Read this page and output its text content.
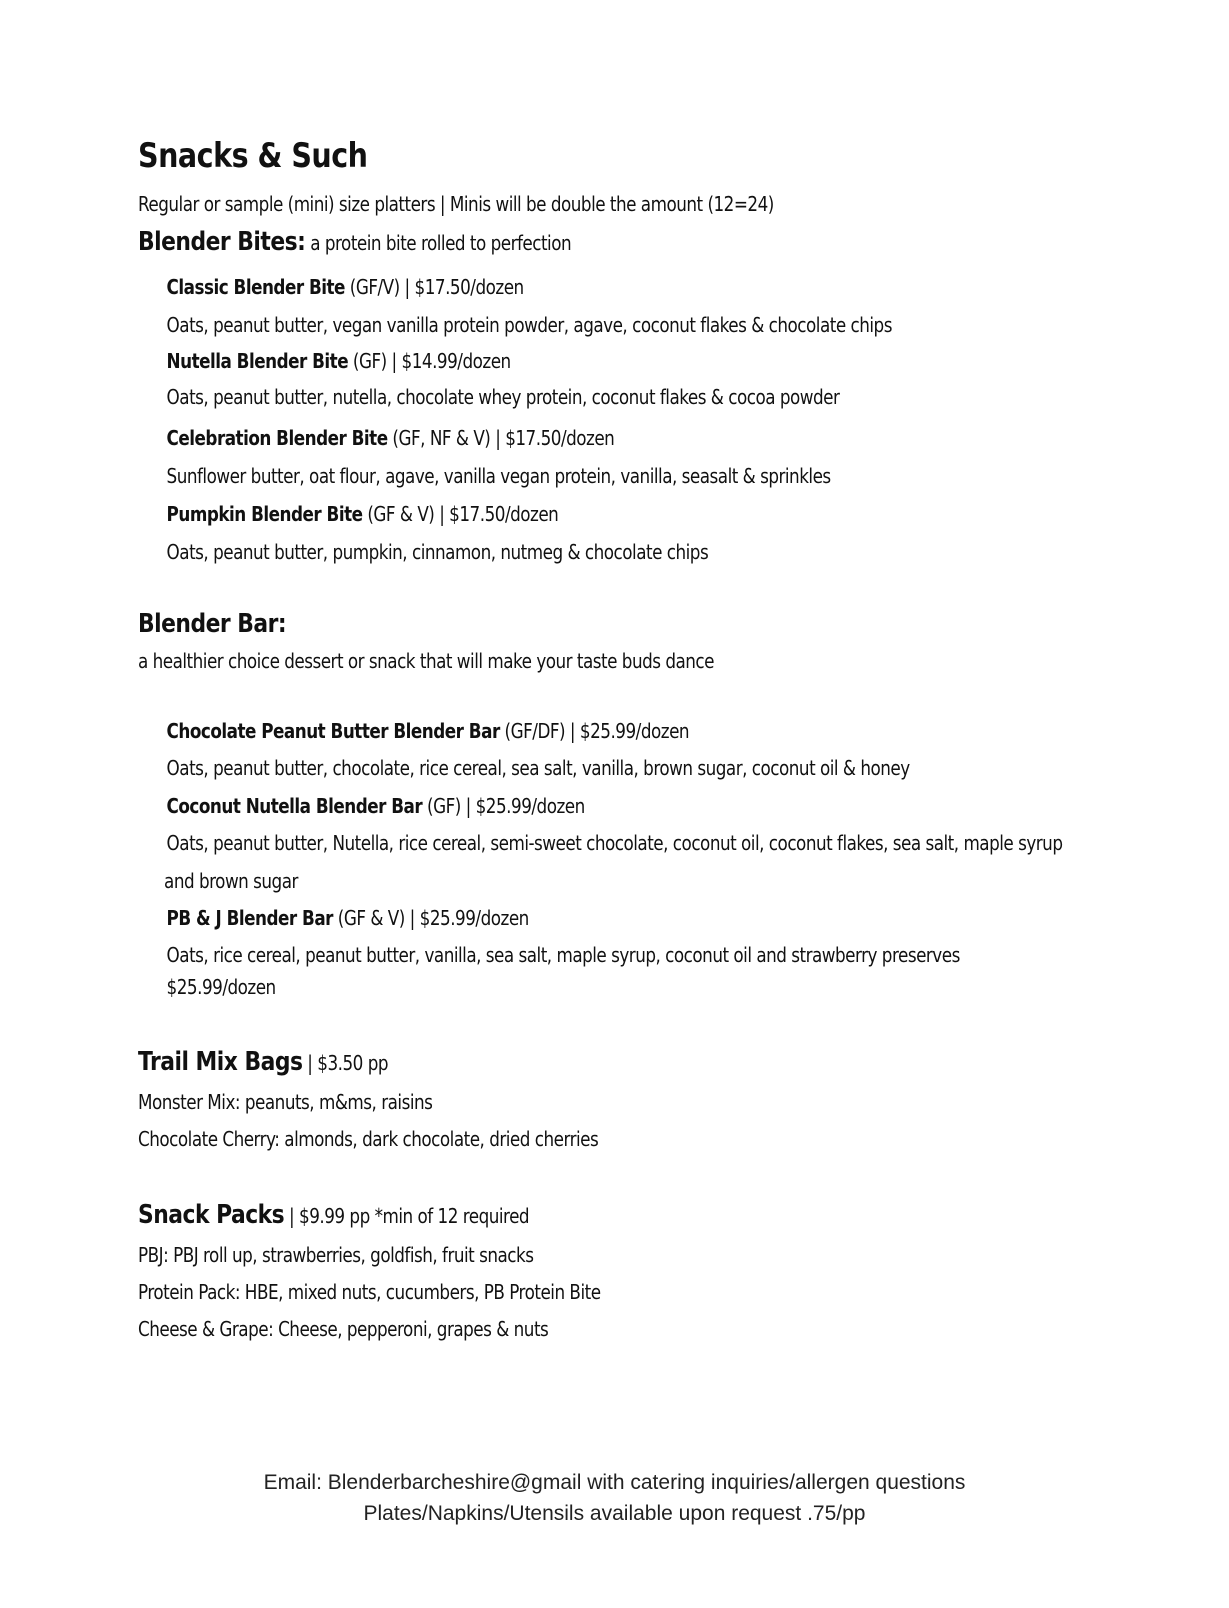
Snacks & Such
Regular or sample (mini) size platters | Minis will be double the amount (12=24)
Blender Bites: a protein bite rolled to perfection
Classic Blender Bite (GF/V) | $17.50/dozen
Oats, peanut butter, vegan vanilla protein powder, agave, coconut flakes & chocolate chips
Nutella Blender Bite (GF) | $14.99/dozen
Oats, peanut butter, nutella, chocolate whey protein, coconut flakes & cocoa powder
Celebration Blender Bite (GF, NF & V) | $17.50/dozen
Sunflower butter, oat flour, agave, vanilla vegan protein, vanilla, seasalt & sprinkles
Pumpkin Blender Bite (GF & V) | $17.50/dozen
Oats, peanut butter, pumpkin, cinnamon, nutmeg & chocolate chips
Blender Bar:
a healthier choice dessert or snack that will make your taste buds dance
Chocolate Peanut Butter Blender Bar (GF/DF) | $25.99/dozen
Oats, peanut butter, chocolate, rice cereal, sea salt, vanilla, brown sugar, coconut oil & honey
Coconut Nutella Blender Bar (GF) | $25.99/dozen
Oats, peanut butter, Nutella, rice cereal, semi-sweet chocolate, coconut oil, coconut flakes, sea salt, maple syrup
and brown sugar
PB & J Blender Bar (GF & V) | $25.99/dozen
Oats, rice cereal, peanut butter, vanilla, sea salt, maple syrup, coconut oil and strawberry preserves
$25.99/dozen
Trail Mix Bags | $3.50 pp
Monster Mix: peanuts, m&ms, raisins
Chocolate Cherry: almonds, dark chocolate, dried cherries
Snack Packs | $9.99 pp *min of 12 required
PBJ: PBJ roll up, strawberries, goldfish, fruit snacks
Protein Pack: HBE, mixed nuts, cucumbers, PB Protein Bite
Cheese & Grape: Cheese, pepperoni, grapes & nuts
Email: Blenderbarcheshire@gmail with catering inquiries/allergen questions
Plates/Napkins/Utensils available upon request .75/pp
